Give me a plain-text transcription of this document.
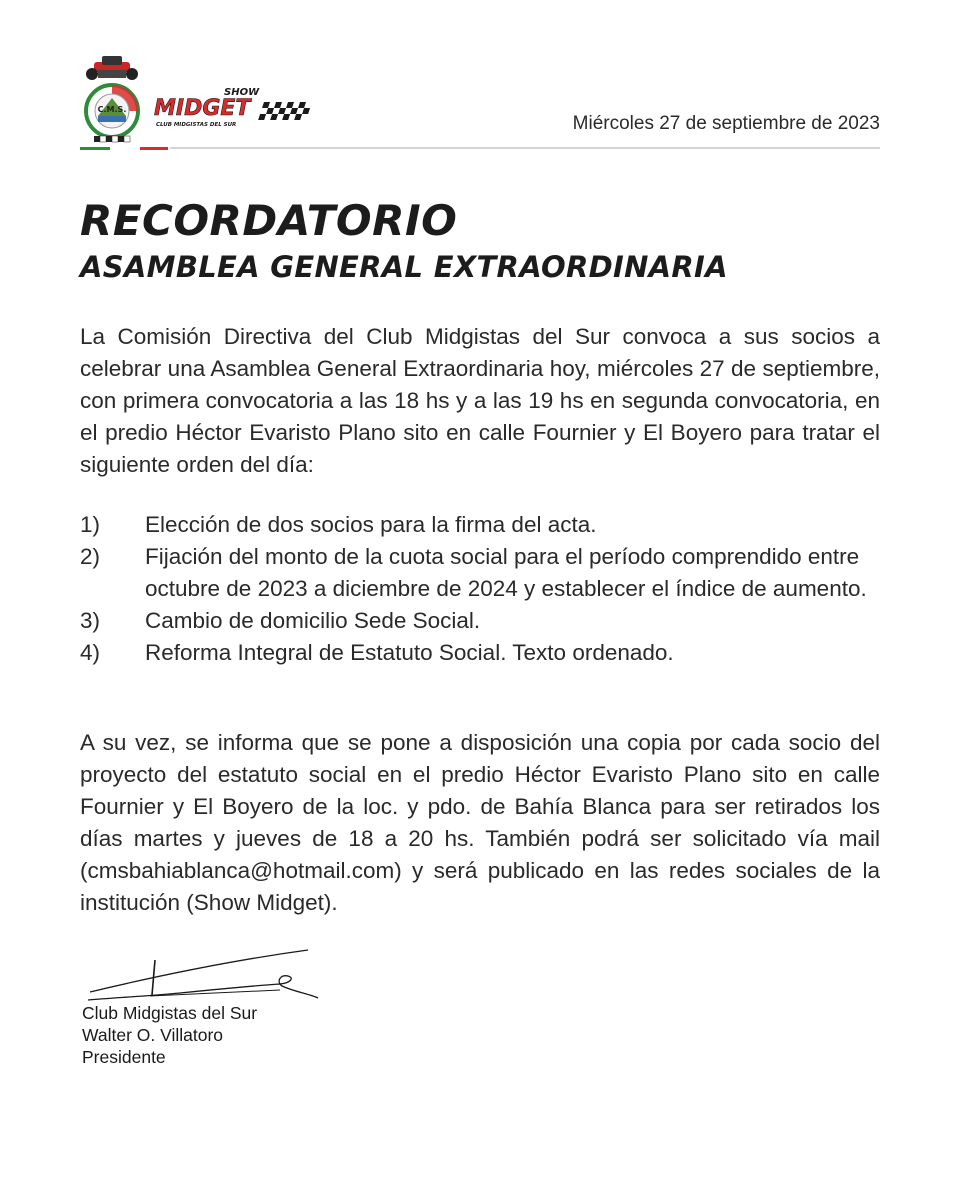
C.M.S.
SHOW
MIDGET
CLUB MIDGISTAS DEL SUR	Miércoles 27 de septiembre de 2023
RECORDATORIO
ASAMBLEA GENERAL EXTRAORDINARIA

La Comisión Directiva del Club Midgistas del Sur convoca a sus socios a celebrar una Asamblea General Extraordinaria hoy, miércoles 27 de septiembre, con primera convocatoria a las 18 hs y a las 19 hs en segunda convocatoria, en el predio Héctor Evaristo Plano sito en calle Fournier y El Boyero para tratar el siguiente orden del día:

1)	Elección de dos socios para la firma del acta.
2)	Fijación del monto de la cuota social para el período comprendido entre octubre de 2023 a diciembre de 2024 y establecer el índice de aumento.
3)	Cambio de domicilio Sede Social.
4)	Reforma Integral de Estatuto Social. Texto ordenado.

A su vez, se informa que se pone a disposición una copia por cada socio del proyecto del estatuto social en el predio Héctor Evaristo Plano sito en calle Fournier y El Boyero de la loc. y pdo. de Bahía Blanca para ser retirados los días martes y jueves de 18 a 20 hs. También podrá ser solicitado vía mail (cmsbahiablanca@hotmail.com) y será publicado en las redes sociales de la institución (Show Midget).

Club Midgistas del Sur
Walter O. Villatoro
Presidente
